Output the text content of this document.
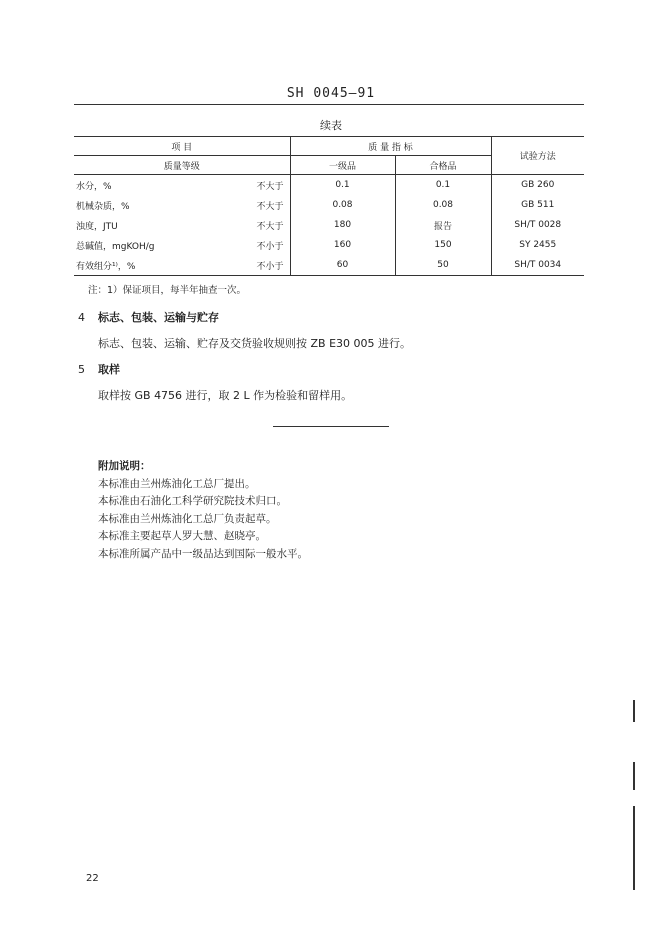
SH 0045—91
续表
项 目		质 量 指 标		试验方法
质量等级		一级品	合格品	
水分，%	不大于	0.1	0.1	GB 260
机械杂质，%	不大于	0.08	0.08	GB 511
浊度，JTU	不大于	180	报告	SH/T 0028
总碱值，mgKOH/g	不小于	160	150	SY 2455
有效组分¹⁾，%	不小于	60	50	SH/T 0034
注：1）保证项目，每半年抽查一次。
4 标志、包装、运输与贮存
标志、包装、运输、贮存及交货验收规则按 ZB E30 005 进行。
5 取样
取样按 GB 4756 进行，取 2 L 作为检验和留样用。
附加说明：
本标准由兰州炼油化工总厂提出。
本标准由石油化工科学研究院技术归口。
本标准由兰州炼油化工总厂负责起草。
本标准主要起草人罗大慧、赵晓亭。
本标准所属产品中一级品达到国际一般水平。
22
